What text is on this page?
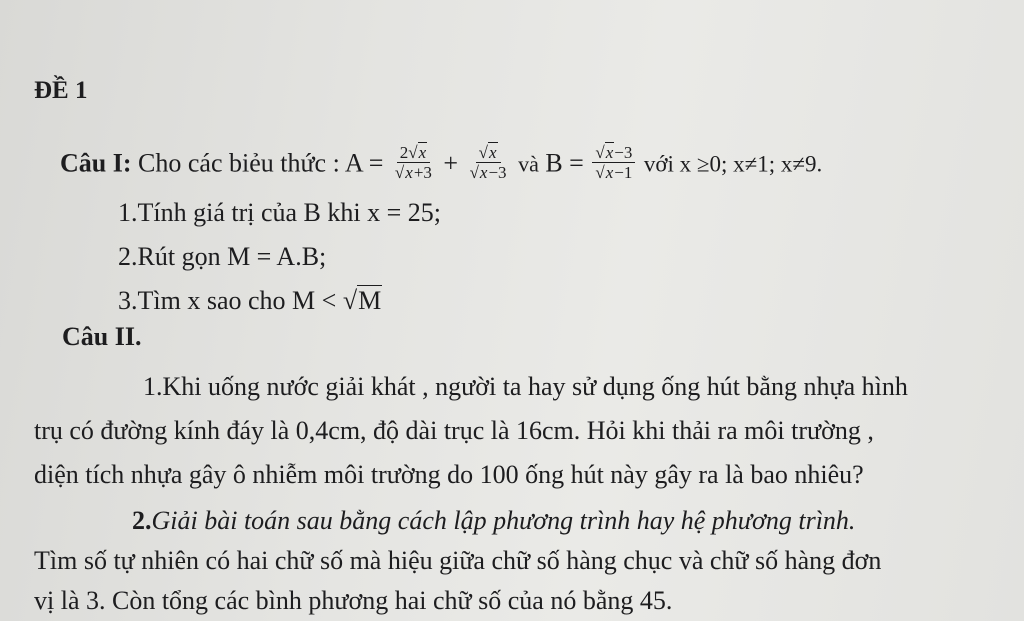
ĐỀ 1
Câu I: Cho các biẻu thức : $A = \frac{2√x}{√x+3} + \frac{√x}{√x-3}$ và $B = \frac{√x-3}{√x-1}$ với x ≥0; x≠1; x≠9.
1.Tính giá trị của B khi x = 25;
2.Rút gọn M = A.B;
3.Tìm x sao cho M < √M
Câu II.
1.Khi uống nước giải khát , người ta hay sử dụng ống hút bằng nhựa hình
trụ có đường kính đáy là 0,4cm, độ dài trục là 16cm. Hỏi khi thải ra môi trường ,
diện tích nhựa gây ô nhiễm môi trường do 100 ống hút này gây ra là bao nhiêu?
2.Giải bài toán sau bằng cách lập phương trình hay hệ phương trình.
Tìm số tự nhiên có hai chữ số mà hiệu giữa chữ số hàng chục và chữ số hàng đơn
vị là 3. Còn tổng các bình phương hai chữ số của nó bằng 45.
